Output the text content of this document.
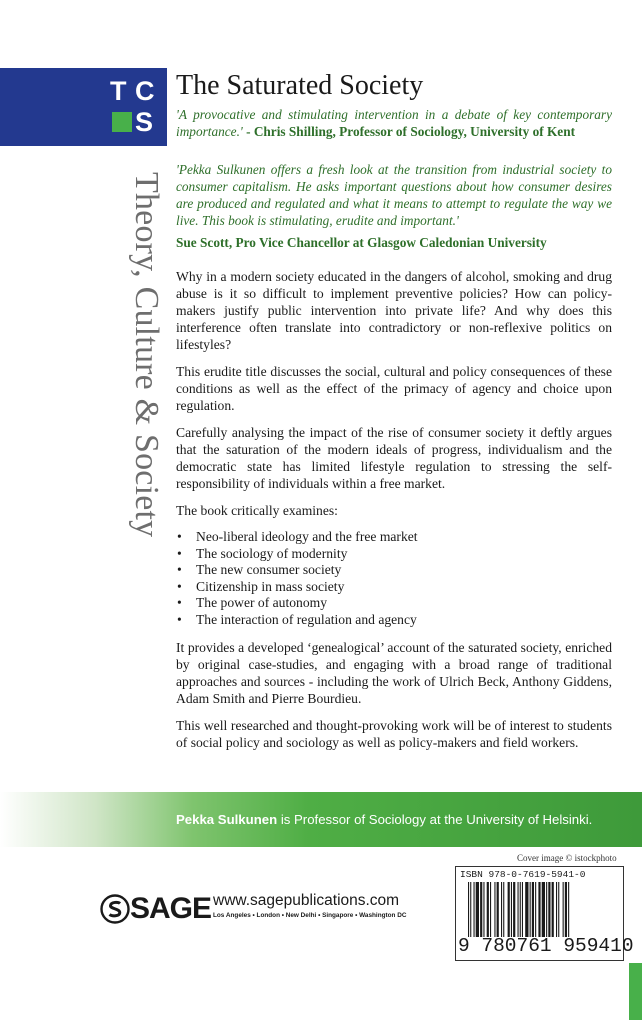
T C
S
Theory, Culture & Society
The Saturated Society
'A provocative and stimulating intervention in a debate of key contemporary importance.' - Chris Shilling, Professor of Sociology, University of Kent
'Pekka Sulkunen offers a fresh look at the transition from industrial society to consumer capitalism. He asks important questions about how consumer desires are produced and regulated and what it means to attempt to regulate the way we live. This book is stimulating, erudite and important.'
Sue Scott, Pro Vice Chancellor at Glasgow Caledonian University

Why in a modern society educated in the dangers of alcohol, smoking and drug abuse is it so difficult to implement preventive policies? How can policy-makers justify public intervention into private life? And why does this interference often translate into contradictory or non-reflexive politics on lifestyles?

This erudite title discusses the social, cultural and policy consequences of these conditions as well as the effect of the primacy of agency and choice upon regulation.

Carefully analysing the impact of the rise of consumer society it deftly argues that the saturation of the modern ideals of progress, individualism and the democratic state has limited lifestyle regulation to stressing the self-responsibility of individuals within a free market.

The book critically examines:

• Neo-liberal ideology and the free market
• The sociology of modernity
• The new consumer society
• Citizenship in mass society
• The power of autonomy
• The interaction of regulation and agency

It provides a developed ‘genealogical’ account of the saturated society, enriched by original case-studies, and engaging with a broad range of traditional approaches and sources - including the work of Ulrich Beck, Anthony Giddens, Adam Smith and Pierre Bourdieu.

This well researched and thought-provoking work will be of interest to students of social policy and sociology as well as policy-makers and field workers.

Pekka Sulkunen is Professor of Sociology at the University of Helsinki.
Cover image © istockphoto
SAGE www.sagepublications.com
Los Angeles • London • New Delhi • Singapore • Washington DC
ISBN 978-0-7619-5941-0
9 780761 959410
